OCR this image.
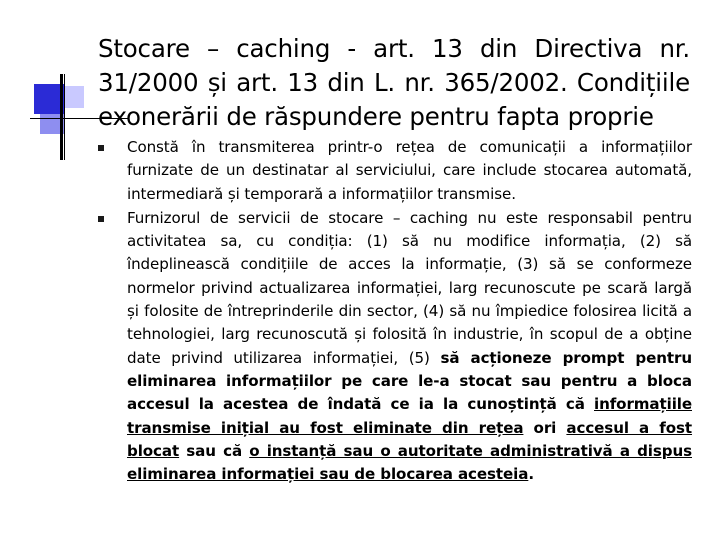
Stocare – caching - art. 13 din Directiva nr. 31/2000 și art. 13 din L. nr. 365/2002. Condițiile exonerării de răspundere pentru fapta proprie
Constă în transmiterea printr-o rețea de comunicații a informațiilor furnizate de un destinatar al serviciului, care include stocarea automată, intermediară și temporară a informațiilor transmise.
Furnizorul de servicii de stocare – caching nu este responsabil pentru activitatea sa, cu condiția: (1) să nu modifice informația, (2) să îndeplinească condițiile de acces la informație, (3) să se conformeze normelor privind actualizarea informației, larg recunoscute pe scară largă și folosite de întreprinderile din sector, (4) să nu împiedice folosirea licită a tehnologiei, larg recunoscută și folosită în industrie, în scopul de a obține date privind utilizarea informației, (5) să acționeze prompt pentru eliminarea informațiilor pe care le-a stocat sau pentru a bloca accesul la acestea de îndată ce ia la cunoștință că informațiile transmise inițial au fost eliminate din rețea ori accesul a fost blocat sau că o instanță sau o autoritate administrativă a dispus eliminarea informației sau de blocarea acesteia.
